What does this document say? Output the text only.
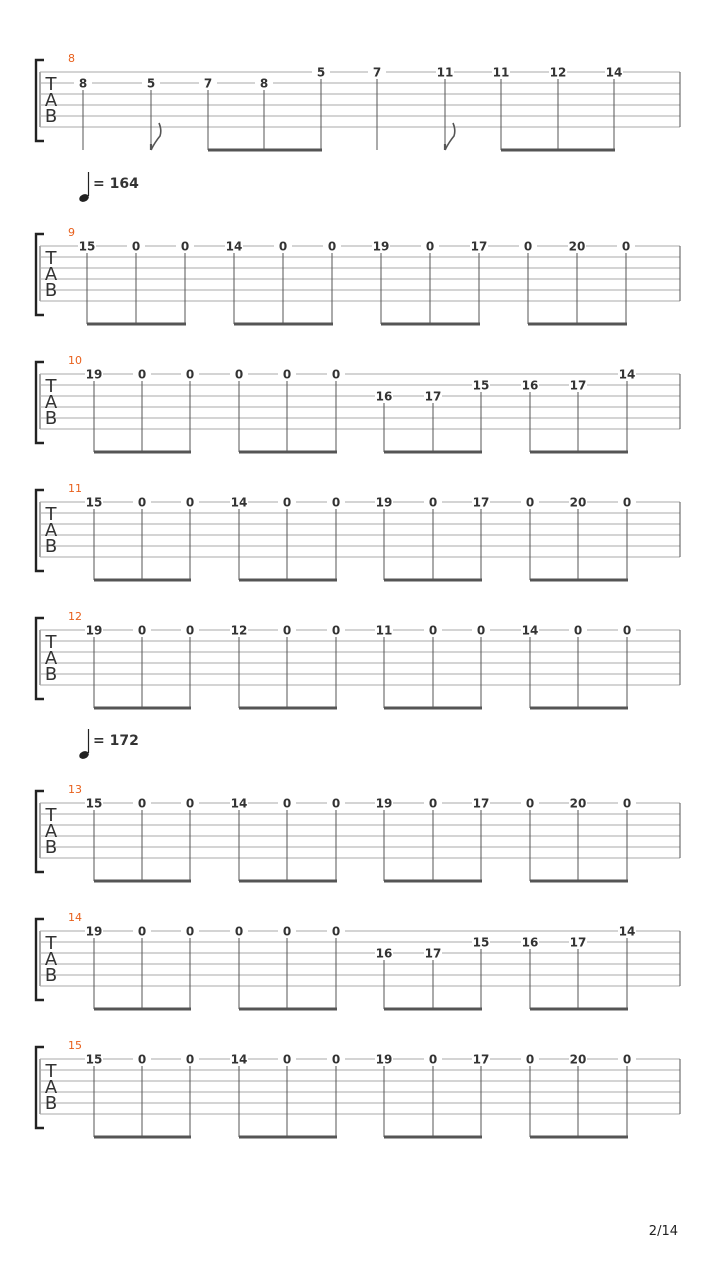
T
A
B
8
8	5	7	8
5	7	11	11	12	14
T
A
B
9
= 164
15	0	0	14	0	0	19	0	17	0	20	0
T
A
B
10
19	0	0	0	0	0
16	17
15	16	17
14
T
A
B
11
15	0	0	14	0	0	19	0	17	0	20	0
T
A
B
12
19	0	0	12	0	0	11	0	0	14	0	0
T
A
B
13
= 172
15	0	0	14	0	0	19	0	17	0	20	0
T
A
B
14
19	0	0	0	0	0
16	17
15	16	17
14
T
A
B
15
15	0	0	14	0	0	19	0	17	0	20	0
2/14
